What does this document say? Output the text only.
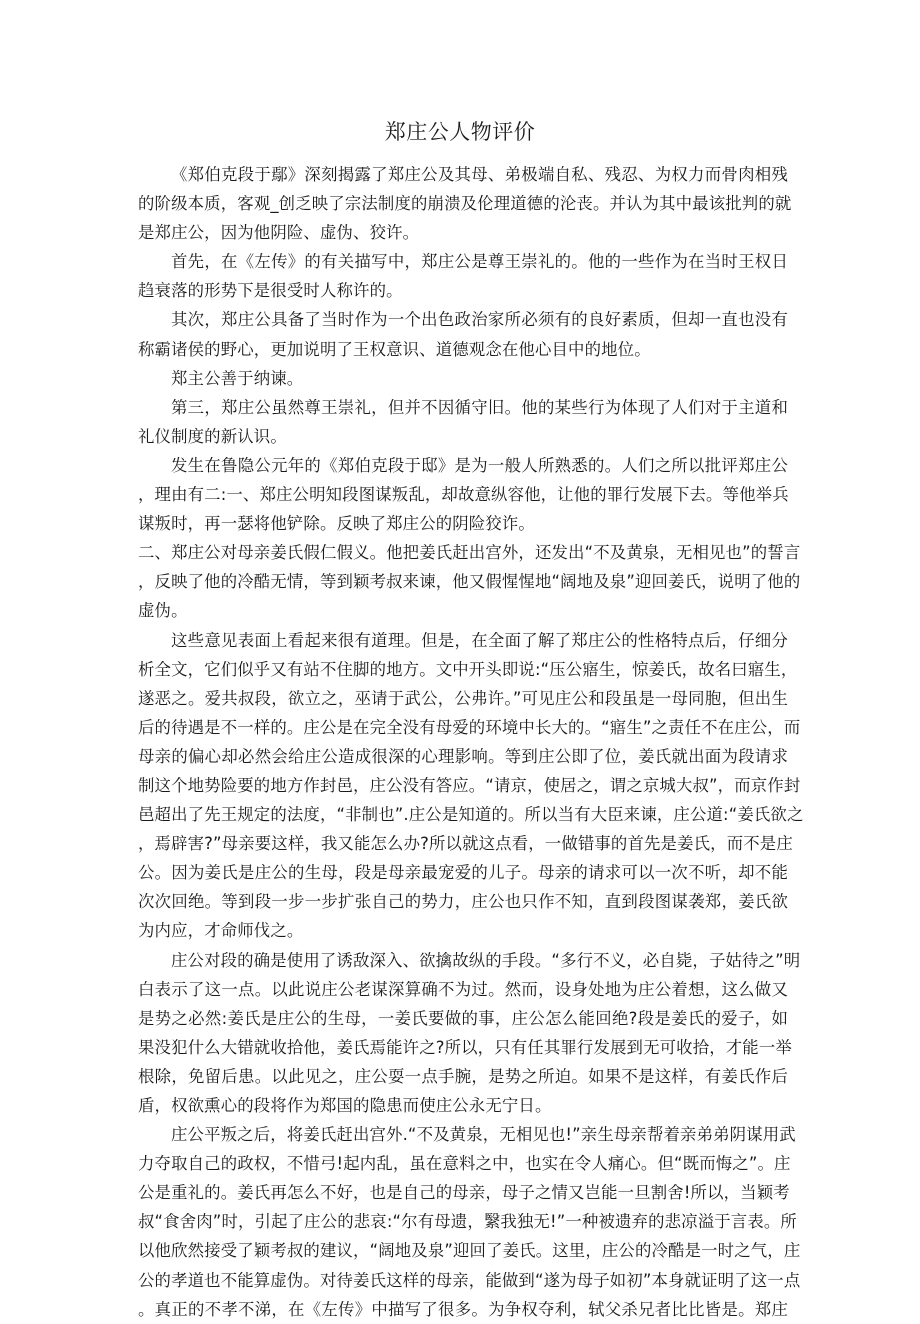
郑庄公人物评价
《郑伯克段于鄢》深刻揭露了郑庄公及其母、弟极端自私、残忍、为权力而骨肉相残
的阶级本质，客观_创乏映了宗法制度的崩溃及伦理道德的沦丧。并认为其中最该批判的就
是郑庄公，因为他阴险、虚伪、狡许。
首先，在《左传》的有关描写中，郑庄公是尊王崇礼的。他的一些作为在当时王权日
趋衰落的形势下是很受时人称许的。
其次，郑庄公具备了当时作为一个出色政治家所必须有的良好素质，但却一直也没有
称霸诸侯的野心，更加说明了王权意识、道德观念在他心目中的地位。
郑主公善于纳谏。
第三，郑庄公虽然尊王崇礼，但并不因循守旧。他的某些行为体现了人们对于主道和
礼仪制度的新认识。
发生在鲁隐公元年的《郑伯克段于邸》是为一般人所熟悉的。人们之所以批评郑庄公
，理由有二:一、郑庄公明知段图谋叛乱，却故意纵容他，让他的罪行发展下去。等他举兵
谋叛时，再一瑟将他铲除。反映了郑庄公的阴险狡诈。
二、郑庄公对母亲姜氏假仁假义。他把姜氏赶出宫外，还发出“不及黄泉，无相见也”的誓言
，反映了他的冷酷无情，等到颖考叔来谏，他又假惺惺地“阔地及泉”迎回姜氏，说明了他的
虚伪。
这些意见表面上看起来很有道理。但是，在全面了解了郑庄公的性格特点后，仔细分
析全文，它们似乎又有站不住脚的地方。文中开头即说:“压公寤生，惊姜氏，故名曰寤生，
遂恶之。爱共叔段，欲立之，巫请于武公，公弗许。”可见庄公和段虽是一母同胞，但出生
后的待遇是不一样的。庄公是在完全没有母爱的环境中长大的。“寤生”之责任不在庄公，而
母亲的偏心却必然会给庄公造成很深的心理影响。等到庄公即了位，姜氏就出面为段请求
制这个地势险要的地方作封邑，庄公没有答应。“请京，使居之，谓之京城大叔”，而京作封
邑超出了先王规定的法度，“非制也”.庄公是知道的。所以当有大臣来谏，庄公道:“姜氏欲之
，焉辟害?”母亲要这样，我又能怎么办?所以就这点看，一做错事的首先是姜氏，而不是庄
公。因为姜氏是庄公的生母，段是母亲最宠爱的儿子。母亲的请求可以一次不听，却不能
次次回绝。等到段一步一步扩张自己的势力，庄公也只作不知，直到段图谋袭郑，姜氏欲
为内应，才命师伐之。
庄公对段的确是使用了诱敌深入、欲擒故纵的手段。“多行不义，必自毙，子姑待之”明
白表示了这一点。以此说庄公老谋深算确不为过。然而，设身处地为庄公着想，这么做又
是势之必然:姜氏是庄公的生母，一姜氏要做的事，庄公怎么能回绝?段是姜氏的爱子，如
果没犯什么大错就收拾他，姜氏焉能许之?所以，只有任其罪行发展到无可收拾，才能一举
根除，免留后患。以此见之，庄公耍一点手腕，是势之所迫。如果不是这样，有姜氏作后
盾，权欲熏心的段将作为郑国的隐患而使庄公永无宁日。
庄公平叛之后，将姜氏赶出宫外.“不及黄泉，无相见也!”亲生母亲帮着亲弟弟阴谋用武
力夺取自己的政权，不惜弓!起内乱，虽在意料之中，也实在令人痛心。但“既而悔之”。庄
公是重礼的。姜氏再怎么不好，也是自己的母亲，母子之情又岂能一旦割舍!所以，当颖考
叔“食舍肉”时，引起了庄公的悲哀:“尔有母遗，繄我独无!”一种被遗弃的悲凉溢于言表。所
以他欣然接受了颖考叔的建议，“阔地及泉”迎回了姜氏。这里，庄公的冷酷是一时之气，庄
公的孝道也不能算虚伪。对待姜氏这样的母亲，能做到“遂为母子如初”本身就证明了这一点
。真正的不孝不涕，在《左传》中描写了很多。为争权夺利，轼父杀兄者比比皆是。郑庄
